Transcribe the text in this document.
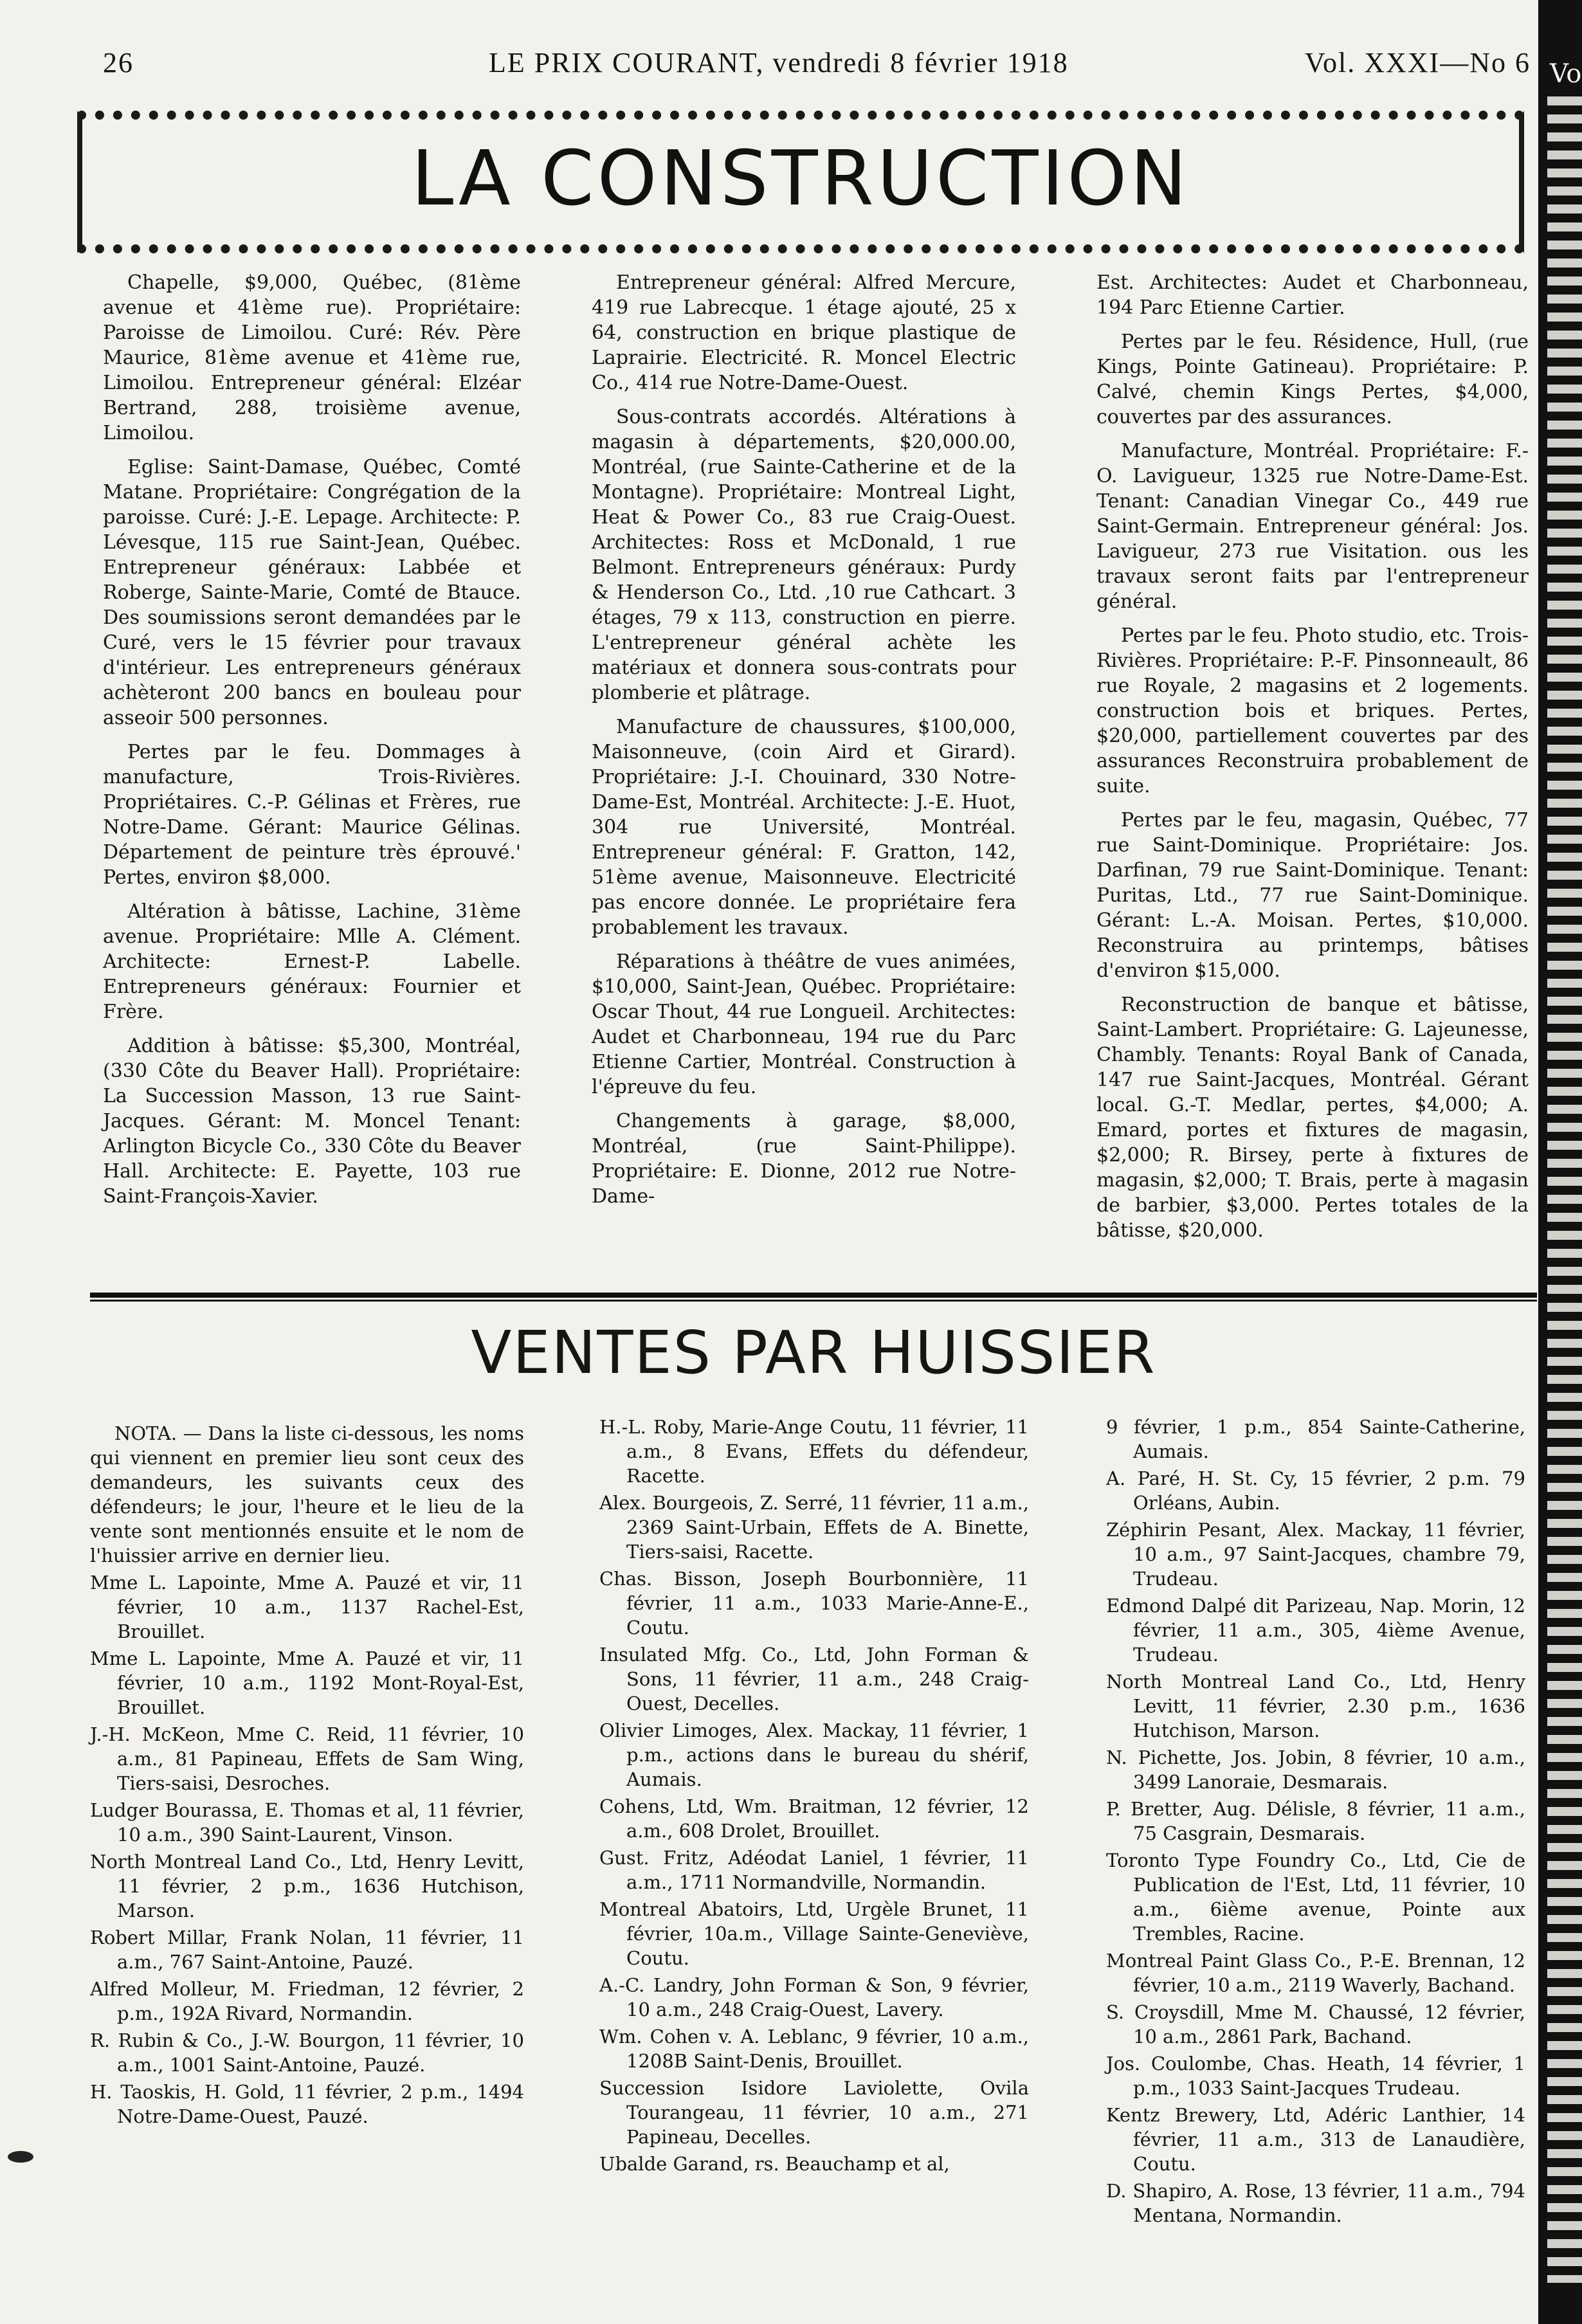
Vo
26	LE PRIX COURANT, vendredi 8 février 1918	Vol. XXXI—No 6
LA CONSTRUCTION

Chapelle, $9,000, Québec, (81ème avenue et 41ème rue). Propriétaire: Paroisse de Limoilou. Curé: Rév. Père Maurice, 81ème avenue et 41ème rue, Limoilou. Entrepreneur général: Elzéar Bertrand, 288, troisième avenue, Limoilou.

Eglise: Saint-Damase, Québec, Comté Matane. Propriétaire: Congrégation de la paroisse. Curé: J.-E. Lepage. Architecte: P. Lévesque, 115 rue Saint-Jean, Québec. Entrepreneur généraux: Labbée et Roberge, Sainte-Marie, Comté de Btauce. Des soumissions seront demandées par le Curé, vers le 15 février pour travaux d'intérieur. Les entrepreneurs généraux achèteront 200 bancs en bouleau pour asseoir 500 personnes.

Pertes par le feu. Dommages à manufacture, Trois-Rivières. Propriétaires. C.-P. Gélinas et Frères, rue Notre-Dame. Gérant: Maurice Gélinas. Département de peinture très éprouvé.' Pertes, environ $8,000.

Altération à bâtisse, Lachine, 31ème avenue. Propriétaire: Mlle A. Clément. Architecte: Ernest-P. Labelle. Entrepreneurs généraux: Fournier et Frère.

Addition à bâtisse: $5,300, Montréal, (330 Côte du Beaver Hall). Propriétaire: La Succession Masson, 13 rue Saint-Jacques. Gérant: M. Moncel Tenant: Arlington Bicycle Co., 330 Côte du Beaver Hall. Architecte: E. Payette, 103 rue Saint-François-Xavier.

Entrepreneur général: Alfred Mercure, 419 rue Labrecque. 1 étage ajouté, 25 x 64, construction en brique plastique de Laprairie. Electricité. R. Moncel Electric Co., 414 rue Notre-Dame-Ouest.

Sous-contrats accordés. Altérations à magasin à départements, $20,000.00, Montréal, (rue Sainte-Catherine et de la Montagne). Propriétaire: Montreal Light, Heat & Power Co., 83 rue Craig-Ouest. Architectes: Ross et McDonald, 1 rue Belmont. Entrepreneurs généraux: Purdy & Henderson Co., Ltd. ,10 rue Cathcart. 3 étages, 79 x 113, construction en pierre. L'entrepreneur général achète les matériaux et donnera sous-contrats pour plomberie et plâtrage.

Manufacture de chaussures, $100,000, Maisonneuve, (coin Aird et Girard). Propriétaire: J.-I. Chouinard, 330 Notre-Dame-Est, Montréal. Architecte: J.-E. Huot, 304 rue Université, Montréal. Entrepreneur général: F. Gratton, 142, 51ème avenue, Maisonneuve. Electricité pas encore donnée. Le propriétaire fera probablement les travaux.

Réparations à théâtre de vues animées, $10,000, Saint-Jean, Québec. Propriétaire: Oscar Thout, 44 rue Longueil. Architectes: Audet et Charbonneau, 194 rue du Parc Etienne Cartier, Montréal. Construction à l'épreuve du feu.

Changements à garage, $8,000, Montréal, (rue Saint-Philippe). Propriétaire: E. Dionne, 2012 rue Notre-Dame-

Est. Architectes: Audet et Charbonneau, 194 Parc Etienne Cartier.

Pertes par le feu. Résidence, Hull, (rue Kings, Pointe Gatineau). Propriétaire: P. Calvé, chemin Kings Pertes, $4,000, couvertes par des assurances.

Manufacture, Montréal. Propriétaire: F.-O. Lavigueur, 1325 rue Notre-Dame-Est. Tenant: Canadian Vinegar Co., 449 rue Saint-Germain. Entrepreneur général: Jos. Lavigueur, 273 rue Visitation. ous les travaux seront faits par l'entrepreneur général.

Pertes par le feu. Photo studio, etc. Trois-Rivières. Propriétaire: P.-F. Pinsonneault, 86 rue Royale, 2 magasins et 2 logements. construction bois et briques. Pertes, $20,000, partiellement couvertes par des assurances Reconstruira probablement de suite.

Pertes par le feu, magasin, Québec, 77 rue Saint-Dominique. Propriétaire: Jos. Darfinan, 79 rue Saint-Dominique. Tenant: Puritas, Ltd., 77 rue Saint-Dominique. Gérant: L.-A. Moisan. Pertes, $10,000. Reconstruira au printemps, bâtises d'environ $15,000.

Reconstruction de banque et bâtisse, Saint-Lambert. Propriétaire: G. Lajeunesse, Chambly. Tenants: Royal Bank of Canada, 147 rue Saint-Jacques, Montréal. Gérant local. G.-T. Medlar, pertes, $4,000; A. Emard, portes et fixtures de magasin, $2,000; R. Birsey, perte à fixtures de magasin, $2,000; T. Brais, perte à magasin de barbier, $3,000. Pertes totales de la bâtisse, $20,000.

VENTES PAR HUISSIER

NOTA. — Dans la liste ci-dessous, les noms qui viennent en premier lieu sont ceux des demandeurs, les suivants ceux des défendeurs; le jour, l'heure et le lieu de la vente sont mentionnés ensuite et le nom de l'huissier arrive en dernier lieu.

Mme L. Lapointe, Mme A. Pauzé et vir, 11 février, 10 a.m., 1137 Rachel-Est, Brouillet.

Mme L. Lapointe, Mme A. Pauzé et vir, 11 février, 10 a.m., 1192 Mont-Royal-Est, Brouillet.

J.-H. McKeon, Mme C. Reid, 11 février, 10 a.m., 81 Papineau, Effets de Sam Wing, Tiers-saisi, Desroches.

Ludger Bourassa, E. Thomas et al, 11 février, 10 a.m., 390 Saint-Laurent, Vinson.

North Montreal Land Co., Ltd, Henry Levitt, 11 février, 2 p.m., 1636 Hutchison, Marson.

Robert Millar, Frank Nolan, 11 février, 11 a.m., 767 Saint-Antoine, Pauzé.

Alfred Molleur, M. Friedman, 12 février, 2 p.m., 192A Rivard, Normandin.

R. Rubin & Co., J.-W. Bourgon, 11 février, 10 a.m., 1001 Saint-Antoine, Pauzé.

H. Taoskis, H. Gold, 11 février, 2 p.m., 1494 Notre-Dame-Ouest, Pauzé.

H.-L. Roby, Marie-Ange Coutu, 11 février, 11 a.m., 8 Evans, Effets du défendeur, Racette.

Alex. Bourgeois, Z. Serré, 11 février, 11 a.m., 2369 Saint-Urbain, Effets de A. Binette, Tiers-saisi, Racette.

Chas. Bisson, Joseph Bourbonnière, 11 février, 11 a.m., 1033 Marie-Anne-E., Coutu.

Insulated Mfg. Co., Ltd, John Forman & Sons, 11 février, 11 a.m., 248 Craig-Ouest, Decelles.

Olivier Limoges, Alex. Mackay, 11 février, 1 p.m., actions dans le bureau du shérif, Aumais.

Cohens, Ltd, Wm. Braitman, 12 février, 12 a.m., 608 Drolet, Brouillet.

Gust. Fritz, Adéodat Laniel, 1 février, 11 a.m., 1711 Normandville, Normandin.

Montreal Abatoirs, Ltd, Urgèle Brunet, 11 février, 10a.m., Village Sainte-Geneviève, Coutu.

A.-C. Landry, John Forman & Son, 9 février, 10 a.m., 248 Craig-Ouest, Lavery.

Wm. Cohen v. A. Leblanc, 9 février, 10 a.m., 1208B Saint-Denis, Brouillet.

Succession Isidore Laviolette, Ovila Tourangeau, 11 février, 10 a.m., 271 Papineau, Decelles.

Ubalde Garand, rs. Beauchamp et al,

9 février, 1 p.m., 854 Sainte-Catherine, Aumais.

A. Paré, H. St. Cy, 15 février, 2 p.m. 79 Orléans, Aubin.

Zéphirin Pesant, Alex. Mackay, 11 février, 10 a.m., 97 Saint-Jacques, chambre 79, Trudeau.

Edmond Dalpé dit Parizeau, Nap. Morin, 12 février, 11 a.m., 305, 4ième Avenue, Trudeau.

North Montreal Land Co., Ltd, Henry Levitt, 11 février, 2.30 p.m., 1636 Hutchison, Marson.

N. Pichette, Jos. Jobin, 8 février, 10 a.m., 3499 Lanoraie, Desmarais.

P. Bretter, Aug. Délisle, 8 février, 11 a.m., 75 Casgrain, Desmarais.

Toronto Type Foundry Co., Ltd, Cie de Publication de l'Est, Ltd, 11 février, 10 a.m., 6ième avenue, Pointe aux Trembles, Racine.

Montreal Paint Glass Co., P.-E. Brennan, 12 février, 10 a.m., 2119 Waverly, Bachand.

S. Croysdill, Mme M. Chaussé, 12 février, 10 a.m., 2861 Park, Bachand.

Jos. Coulombe, Chas. Heath, 14 février, 1 p.m., 1033 Saint-Jacques Trudeau.

Kentz Brewery, Ltd, Adéric Lanthier, 14 février, 11 a.m., 313 de Lanaudière, Coutu.

D. Shapiro, A. Rose, 13 février, 11 a.m., 794 Mentana, Normandin.
